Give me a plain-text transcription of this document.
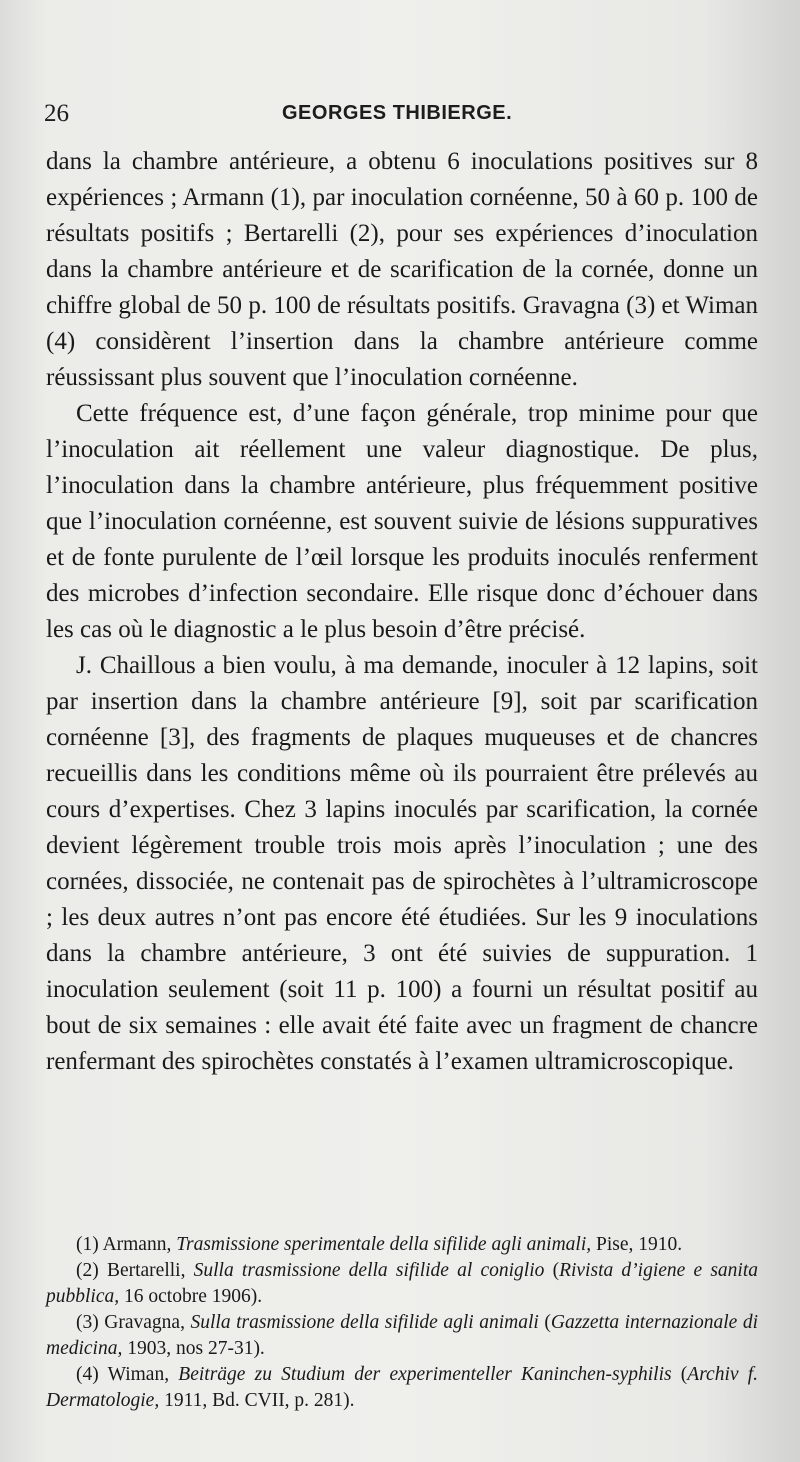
26	GEORGES THIBIERGE.

dans la chambre antérieure, a obtenu 6 inoculations positives sur 8 expériences ; Armann (1), par inoculation cornéenne, 50 à 60 p. 100 de résultats positifs ; Bertarelli (2), pour ses expériences d’inoculation dans la chambre antérieure et de scarification de la cornée, donne un chiffre global de 50 p. 100 de résultats positifs. Gravagna (3) et Wiman (4) considèrent l’insertion dans la chambre antérieure comme réussissant plus souvent que l’inoculation cornéenne.

Cette fréquence est, d’une façon générale, trop minime pour que l’inoculation ait réellement une valeur diagnostique. De plus, l’inoculation dans la chambre antérieure, plus fréquemment positive que l’inoculation cornéenne, est souvent suivie de lésions suppuratives et de fonte purulente de l’œil lorsque les produits inoculés renferment des microbes d’infection secondaire. Elle risque donc d’échouer dans les cas où le diagnostic a le plus besoin d’être précisé.

J. Chaillous a bien voulu, à ma demande, inoculer à 12 lapins, soit par insertion dans la chambre antérieure [9], soit par scarification cornéenne [3], des fragments de plaques muqueuses et de chancres recueillis dans les conditions même où ils pourraient être prélevés au cours d’expertises. Chez 3 lapins inoculés par scarification, la cornée devient légèrement trouble trois mois après l’inoculation ; une des cornées, dissociée, ne contenait pas de spirochètes à l’ultramicroscope ; les deux autres n’ont pas encore été étudiées. Sur les 9 inoculations dans la chambre antérieure, 3 ont été suivies de suppuration. 1 inoculation seulement (soit 11 p. 100) a fourni un résultat positif au bout de six semaines : elle avait été faite avec un fragment de chancre renfermant des spirochètes constatés à l’examen ultramicroscopique.

(1) Armann, Trasmissione sperimentale della sifilide agli animali, Pise, 1910.

(2) Bertarelli, Sulla trasmissione della sifilide al coniglio (Rivista d’igiene e sanita pubblica, 16 octobre 1906).

(3) Gravagna, Sulla trasmissione della sifilide agli animali (Gazzetta internazionale di medicina, 1903, nos 27-31).

(4) Wiman, Beiträge zu Studium der experimenteller Kaninchen-syphilis (Archiv f. Dermatologie, 1911, Bd. CVII, p. 281).
